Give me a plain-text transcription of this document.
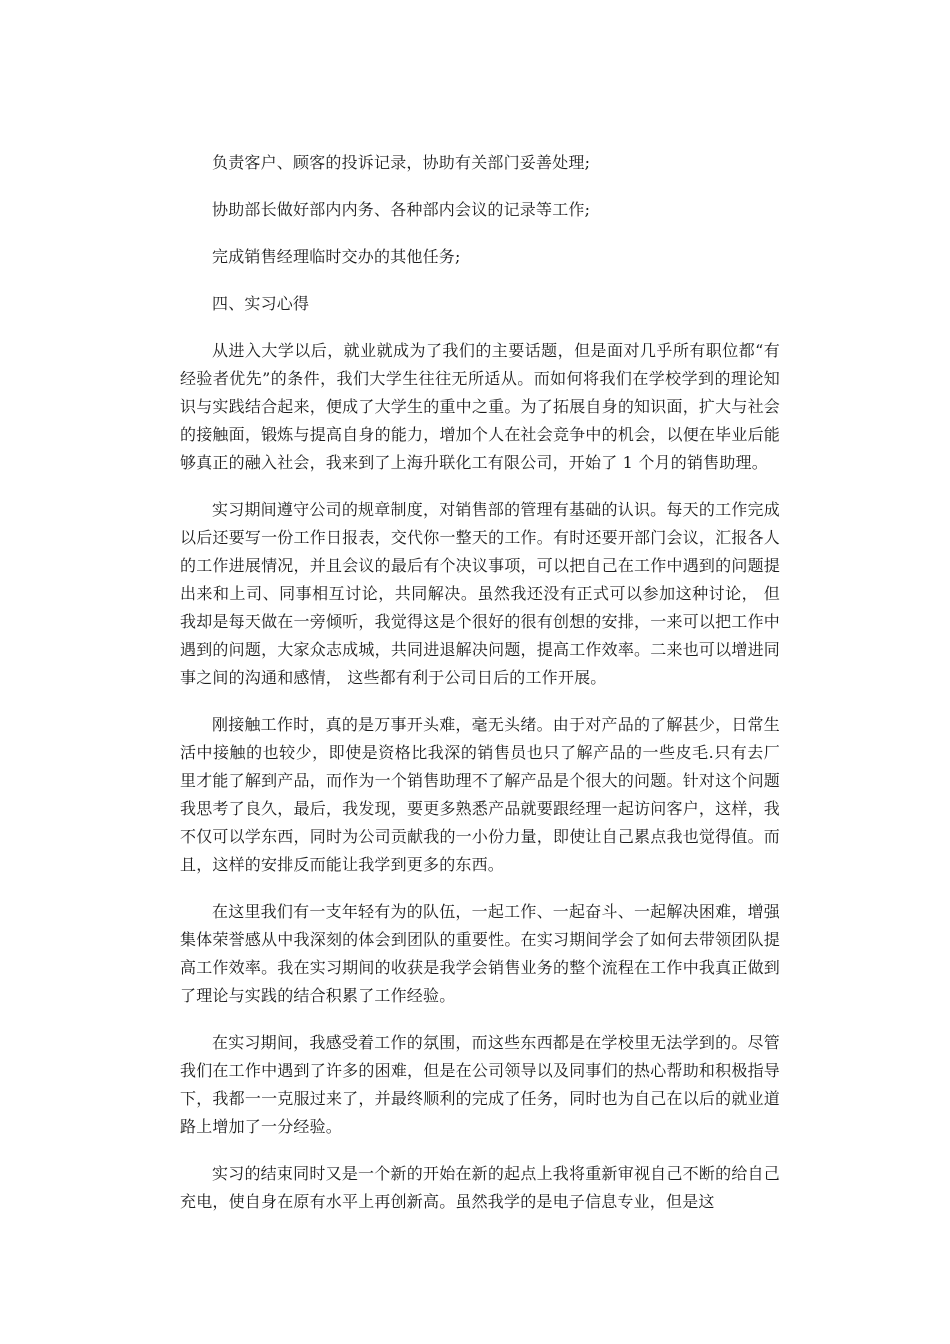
负责客户、顾客的投诉记录，协助有关部门妥善处理;

协助部长做好部内内务、各种部内会议的记录等工作;

完成销售经理临时交办的其他任务;

四、实习心得

从进入大学以后，就业就成为了我们的主要话题，但是面对几乎所有职位都“有经验者优先”的条件，我们大学生往往无所适从。而如何将我们在学校学到的理论知识与实践结合起来，便成了大学生的重中之重。为了拓展自身的知识面，扩大与社会的接触面，锻炼与提高自身的能力，增加个人在社会竞争中的机会，以便在毕业后能够真正的融入社会，我来到了上海升联化工有限公司，开始了 1 个月的销售助理。

实习期间遵守公司的规章制度，对销售部的管理有基础的认识。每天的工作完成以后还要写一份工作日报表，交代你一整天的工作。有时还要开部门会议，汇报各人的工作进展情况，并且会议的最后有个决议事项，可以把自己在工作中遇到的问题提出来和上司、同事相互讨论，共同解决。虽然我还没有正式可以参加这种讨论， 但我却是每天做在一旁倾听，我觉得这是个很好的很有创想的安排，一来可以把工作中遇到的问题，大家众志成城，共同进退解决问题，提高工作效率。二来也可以增进同事之间的沟通和感情， 这些都有利于公司日后的工作开展。

刚接触工作时，真的是万事开头难，毫无头绪。由于对产品的了解甚少，日常生活中接触的也较少，即使是资格比我深的销售员也只了解产品的一些皮毛.只有去厂里才能了解到产品，而作为一个销售助理不了解产品是个很大的问题。针对这个问题我思考了良久，最后，我发现，要更多熟悉产品就要跟经理一起访问客户，这样，我不仅可以学东西，同时为公司贡献我的一小份力量，即使让自己累点我也觉得值。而且，这样的安排反而能让我学到更多的东西。

在这里我们有一支年轻有为的队伍，一起工作、一起奋斗、一起解决困难，增强集体荣誉感从中我深刻的体会到团队的重要性。在实习期间学会了如何去带领团队提高工作效率。我在实习期间的收获是我学会销售业务的整个流程在工作中我真正做到了理论与实践的结合积累了工作经验。

在实习期间，我感受着工作的氛围，而这些东西都是在学校里无法学到的。尽管我们在工作中遇到了许多的困难，但是在公司领导以及同事们的热心帮助和积极指导下，我都一一克服过来了，并最终顺利的完成了任务，同时也为自己在以后的就业道路上增加了一分经验。

实习的结束同时又是一个新的开始在新的起点上我将重新审视自己不断的给自己充电，使自身在原有水平上再创新高。虽然我学的是电子信息专业，但是这
